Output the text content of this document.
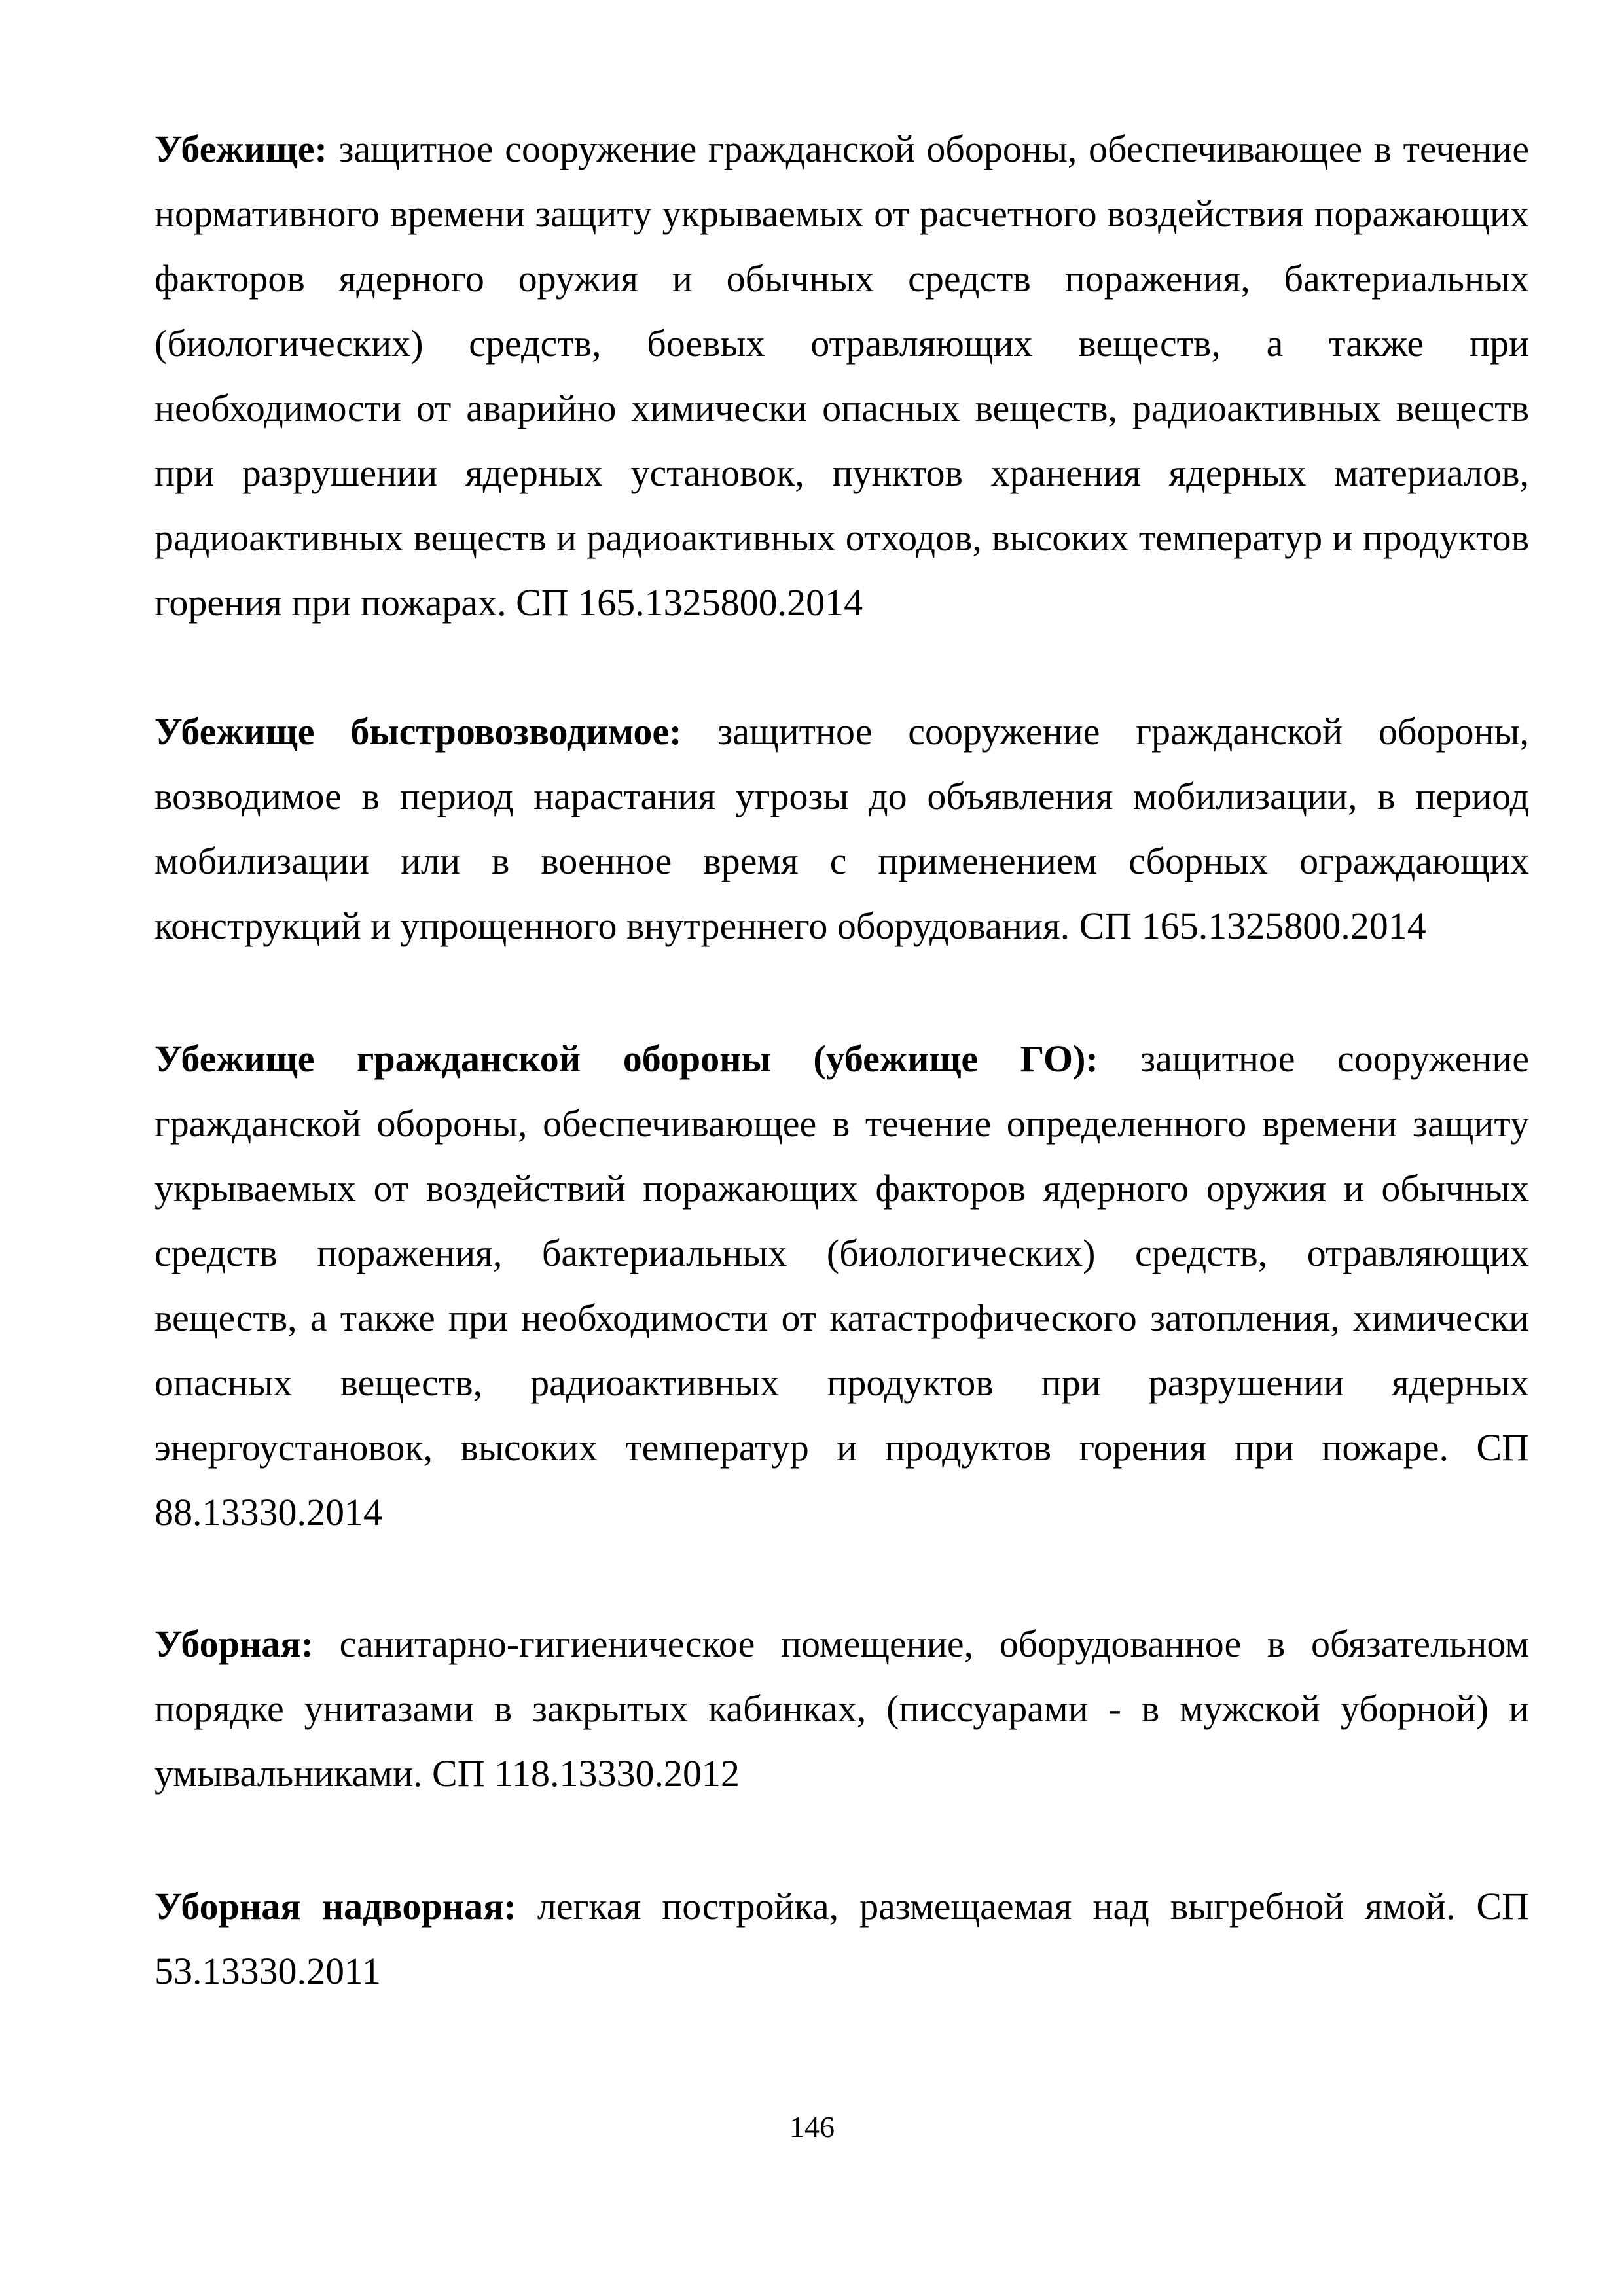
Убежище: защитное сооружение гражданской обороны, обеспечивающее в течение нормативного времени защиту укрываемых от расчетного воздействия поражающих факторов ядерного оружия и обычных средств поражения, бактериальных (биологических) средств, боевых отравляющих веществ, а также при необходимости от аварийно химически опасных веществ, радиоактивных веществ при разрушении ядерных установок, пунктов хранения ядерных материалов, радиоактивных веществ и радиоактивных отходов, высоких температур и продуктов горения при пожарах. СП 165.1325800.2014

Убежище быстровозводимое: защитное сооружение гражданской обороны, возводимое в период нарастания угрозы до объявления мобилизации, в период мобилизации или в военное время с применением сборных ограждающих конструкций и упрощенного внутреннего оборудования. СП 165.1325800.2014

Убежище гражданской обороны (убежище ГО): защитное сооружение гражданской обороны, обеспечивающее в течение определенного времени защиту укрываемых от воздействий поражающих факторов ядерного оружия и обычных средств поражения, бактериальных (биологических) средств, отравляющих веществ, а также при необходимости от катастрофического затопления, химически опасных веществ, радиоактивных продуктов при разрушении ядерных энергоустановок, высоких температур и продуктов горения при пожаре. СП 88.13330.2014

Уборная: санитарно-гигиеническое помещение, оборудованное в обязательном порядке унитазами в закрытых кабинках, (писсуарами - в мужской уборной) и умывальниками. СП 118.13330.2012

Уборная надворная: легкая постройка, размещаемая над выгребной ямой. СП 53.13330.2011

146
